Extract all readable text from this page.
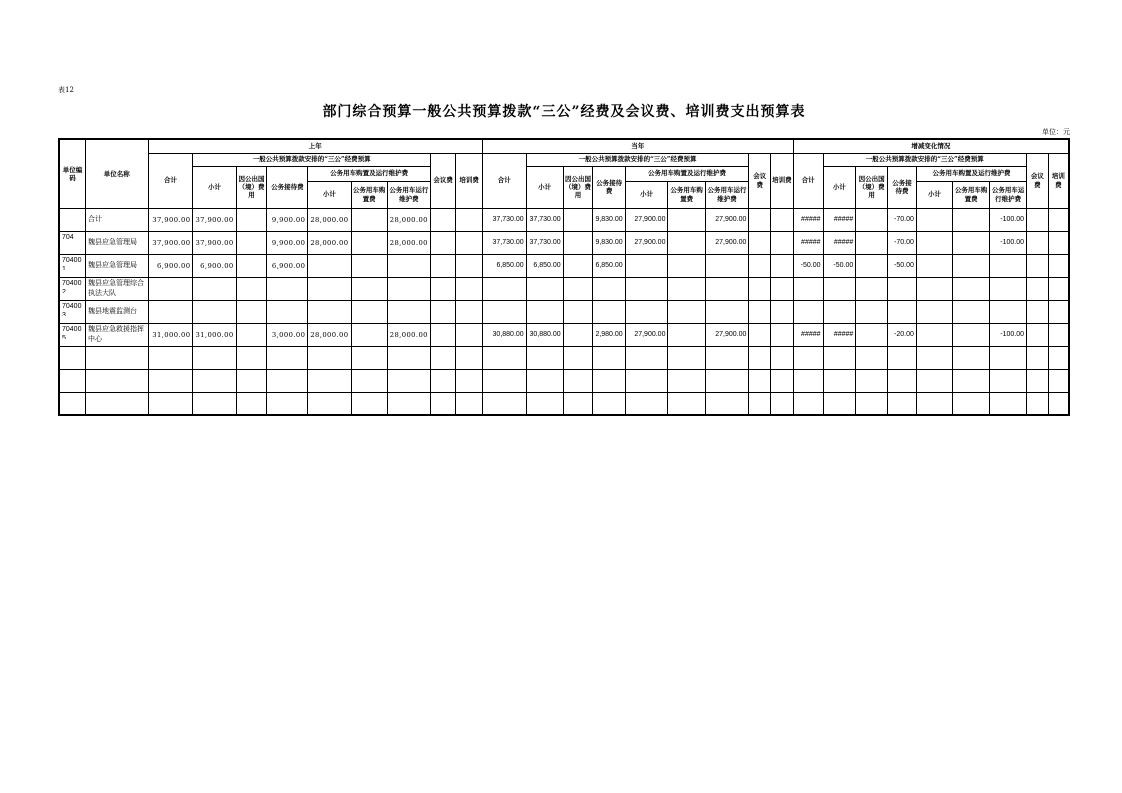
表12
部门综合预算一般公共预算拨款“三公”经费及会议费、培训费支出预算表
单位：元
单位编码	单位名称	上年									当年									增减变化情况								
		合计	一般公共预算拨款安排的“三公”经费预算						会议费	培训费	合计	一般公共预算拨款安排的“三公”经费预算						会议费	培训费	合计	一般公共预算拨款安排的“三公”经费预算						会议费	培训费
			小计	因公出国（境）费用	公务接待费	公务用车购置及运行维护费						小计	因公出国（境）费用	公务接待费	公务用车购置及运行维护费						小计	因公出国（境）费用	公务接待费	公务用车购置及运行维护费				
						小计	公务用车购置费	公务用车运行维护费							小计	公务用车购置费	公务用车运行维护费							小计	公务用车购置费	公务用车运行维护费		

	合计	37,900.00	37,900.00		9,900.00	28,000.00		28,000.00			37,730.00	37,730.00		9,830.00	27,900.00		27,900.00			#####	#####		-70.00			-100.00		

704	魏县应急管理局	37,900.00	37,900.00		9,900.00	28,000.00		28,000.00			37,730.00	37,730.00		9,830.00	27,900.00		27,900.00			#####	#####		-70.00			-100.00		

704001	魏县应急管理局	6,900.00	6,900.00		6,900.00						6,850.00	6,850.00		6,850.00						-50.00	-50.00		-50.00					

704002	魏县应急管理综合执法大队																											

704003	魏县地震监测台																											

704005	魏县应急救援指挥中心	31,000.00	31,000.00		3,000.00	28,000.00		28,000.00			30,880.00	30,880.00		2,980.00	27,900.00		27,900.00			#####	#####		-20.00			-100.00		
